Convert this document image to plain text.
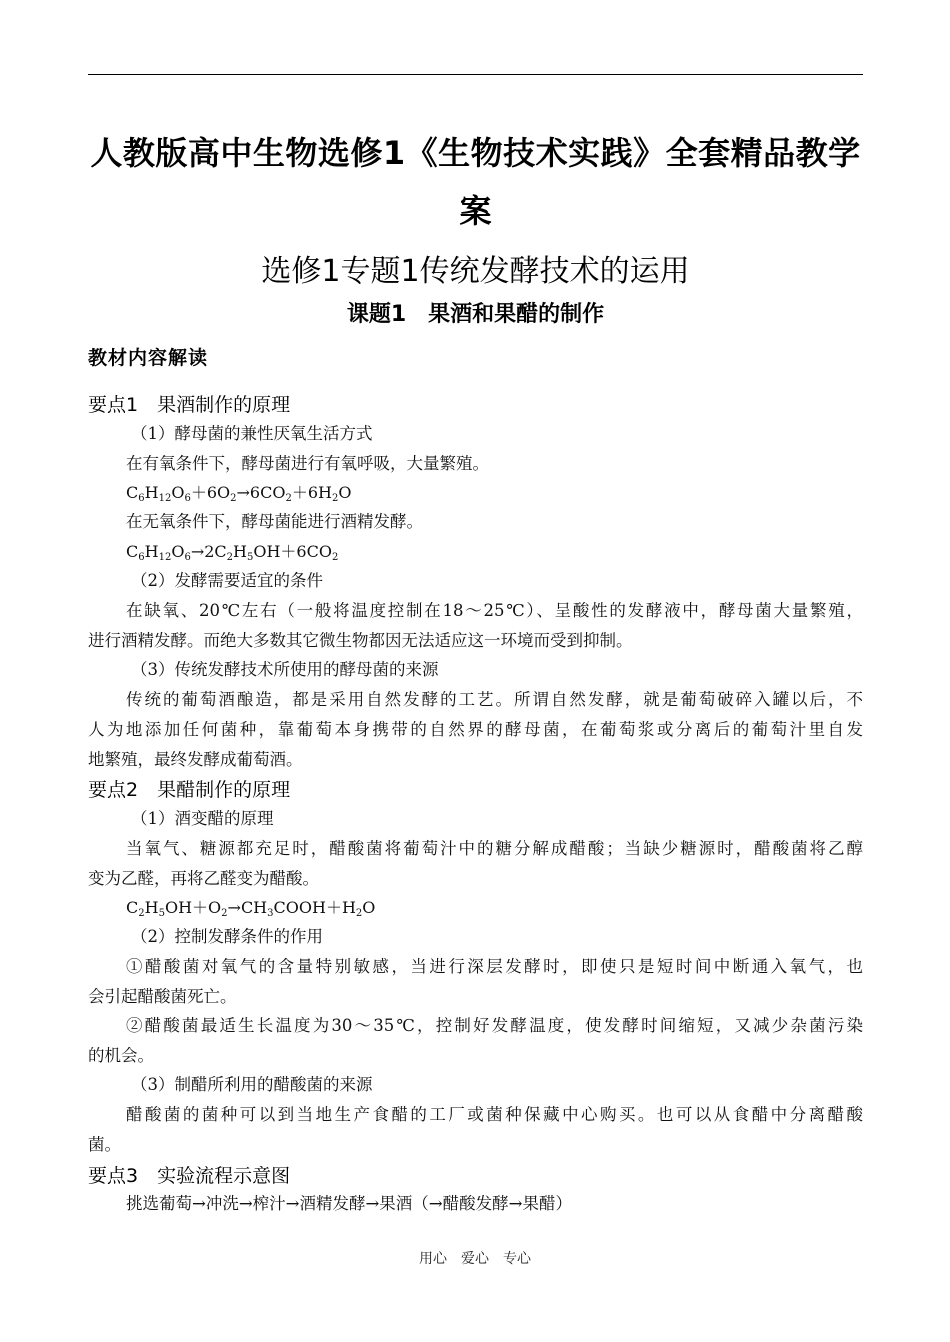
人教版高中生物选修1《生物技术实践》全套精品教学
案
选修1专题1传统发酵技术的运用
课题1　果酒和果醋的制作
教材内容解读
要点1　果酒制作的原理
（1）酵母菌的兼性厌氧生活方式
在有氧条件下，酵母菌进行有氧呼吸，大量繁殖。
$C_6H_{12}O_6+6O_2\to 6CO_2+6H_2O$
在无氧条件下，酵母菌能进行酒精发酵。
$C_6H_{12}O_6\to 2C_2H_5OH+6CO_2$
（2）发酵需要适宜的条件
在缺氧、20℃左右（一般将温度控制在18～25℃）、呈酸性的发酵液中，酵母菌大量繁殖，
进行酒精发酵。而绝大多数其它微生物都因无法适应这一环境而受到抑制。
（3）传统发酵技术所使用的酵母菌的来源
传统的葡萄酒酿造，都是采用自然发酵的工艺。所谓自然发酵，就是葡萄破碎入罐以后，不
人为地添加任何菌种，靠葡萄本身携带的自然界的酵母菌，在葡萄浆或分离后的葡萄汁里自发
地繁殖，最终发酵成葡萄酒。
要点2　果醋制作的原理
（1）酒变醋的原理
当氧气、糖源都充足时，醋酸菌将葡萄汁中的糖分解成醋酸；当缺少糖源时，醋酸菌将乙醇
变为乙醛，再将乙醛变为醋酸。
$C_2H_5OH+O_2\to CH_3COOH+H_2O$
（2）控制发酵条件的作用
①醋酸菌对氧气的含量特别敏感，当进行深层发酵时，即使只是短时间中断通入氧气，也
会引起醋酸菌死亡。
②醋酸菌最适生长温度为30～35℃，控制好发酵温度，使发酵时间缩短，又减少杂菌污染
的机会。
（3）制醋所利用的醋酸菌的来源
醋酸菌的菌种可以到当地生产食醋的工厂或菌种保藏中心购买。也可以从食醋中分离醋酸
菌。
要点3　实验流程示意图
挑选葡萄→冲洗→榨汁→酒精发酵→果酒（→醋酸发酵→果醋）
用心　爱心　专心
